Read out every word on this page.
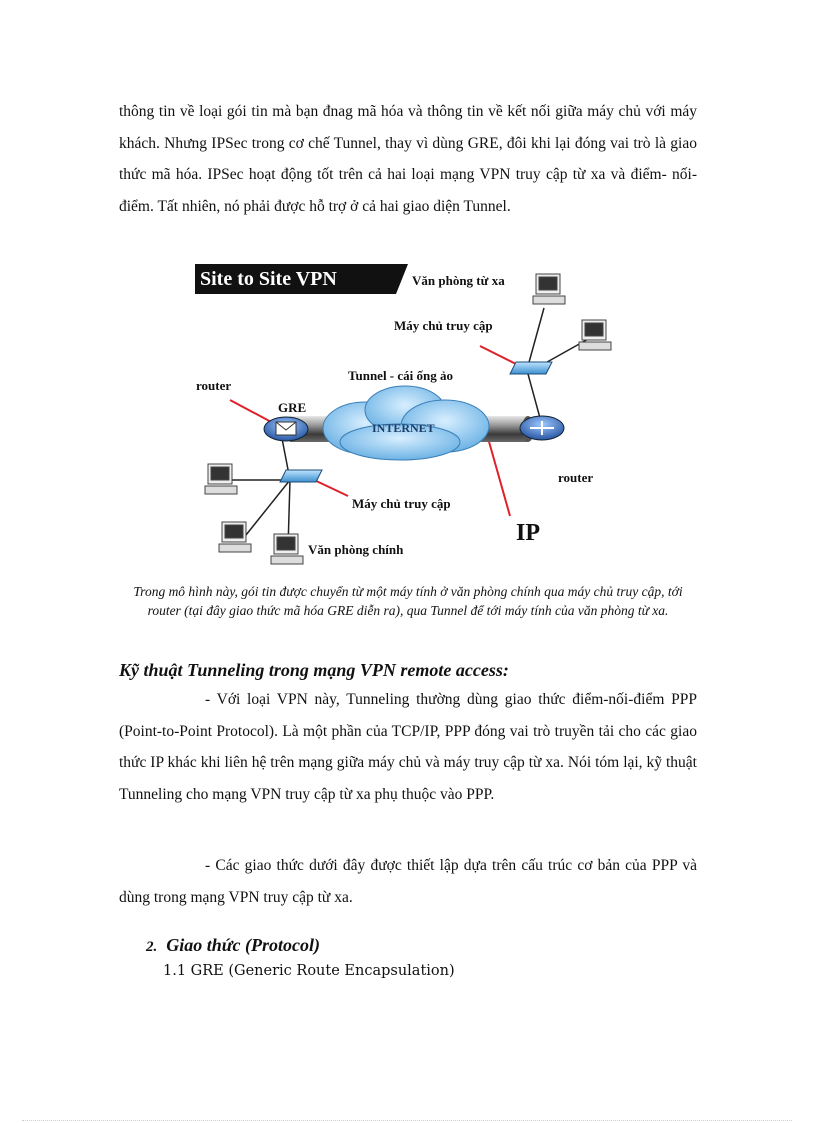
thông tin về loại gói tin mà bạn đnag mã hóa và thông tin về kết nối giữa máy chủ với máy khách. Nhưng IPSec trong cơ chế Tunnel, thay vì dùng GRE, đôi khi lại đóng vai trò là giao thức mã hóa. IPSec hoạt động tốt trên cả hai loại mạng VPN truy cập từ xa và điểm- nối-điểm. Tất nhiên, nó phải được hỗ trợ ở cả hai giao diện Tunnel.

Site to Site VPN
INTERNET
Văn phòng từ xa
Máy chủ truy cập
Tunnel - cái ống ảo
router
GRE
router
Máy chủ truy cập
IP
Văn phòng chính

Trong mô hình này, gói tin được chuyển từ một máy tính ở văn phòng chính qua máy chủ truy cập, tới router (tại đây giao thức mã hóa GRE diễn ra), qua Tunnel để tới máy tính của văn phòng từ xa.

Kỹ thuật Tunneling trong mạng VPN remote access:

- Với loại VPN này, Tunneling thường dùng giao thức điểm-nối-điểm PPP (Point-to-Point Protocol). Là một phần của TCP/IP, PPP đóng vai trò truyền tải cho các giao thức IP khác khi liên hệ trên mạng giữa máy chủ và máy truy cập từ xa. Nói tóm lại, kỹ thuật Tunneling cho mạng VPN truy cập từ xa phụ thuộc vào PPP.

- Các giao thức dưới đây được thiết lập dựa trên cấu trúc cơ bản của PPP và dùng trong mạng VPN truy cập từ xa.

2. Giao thức (Protocol)

1.1 GRE (Generic Route Encapsulation)
